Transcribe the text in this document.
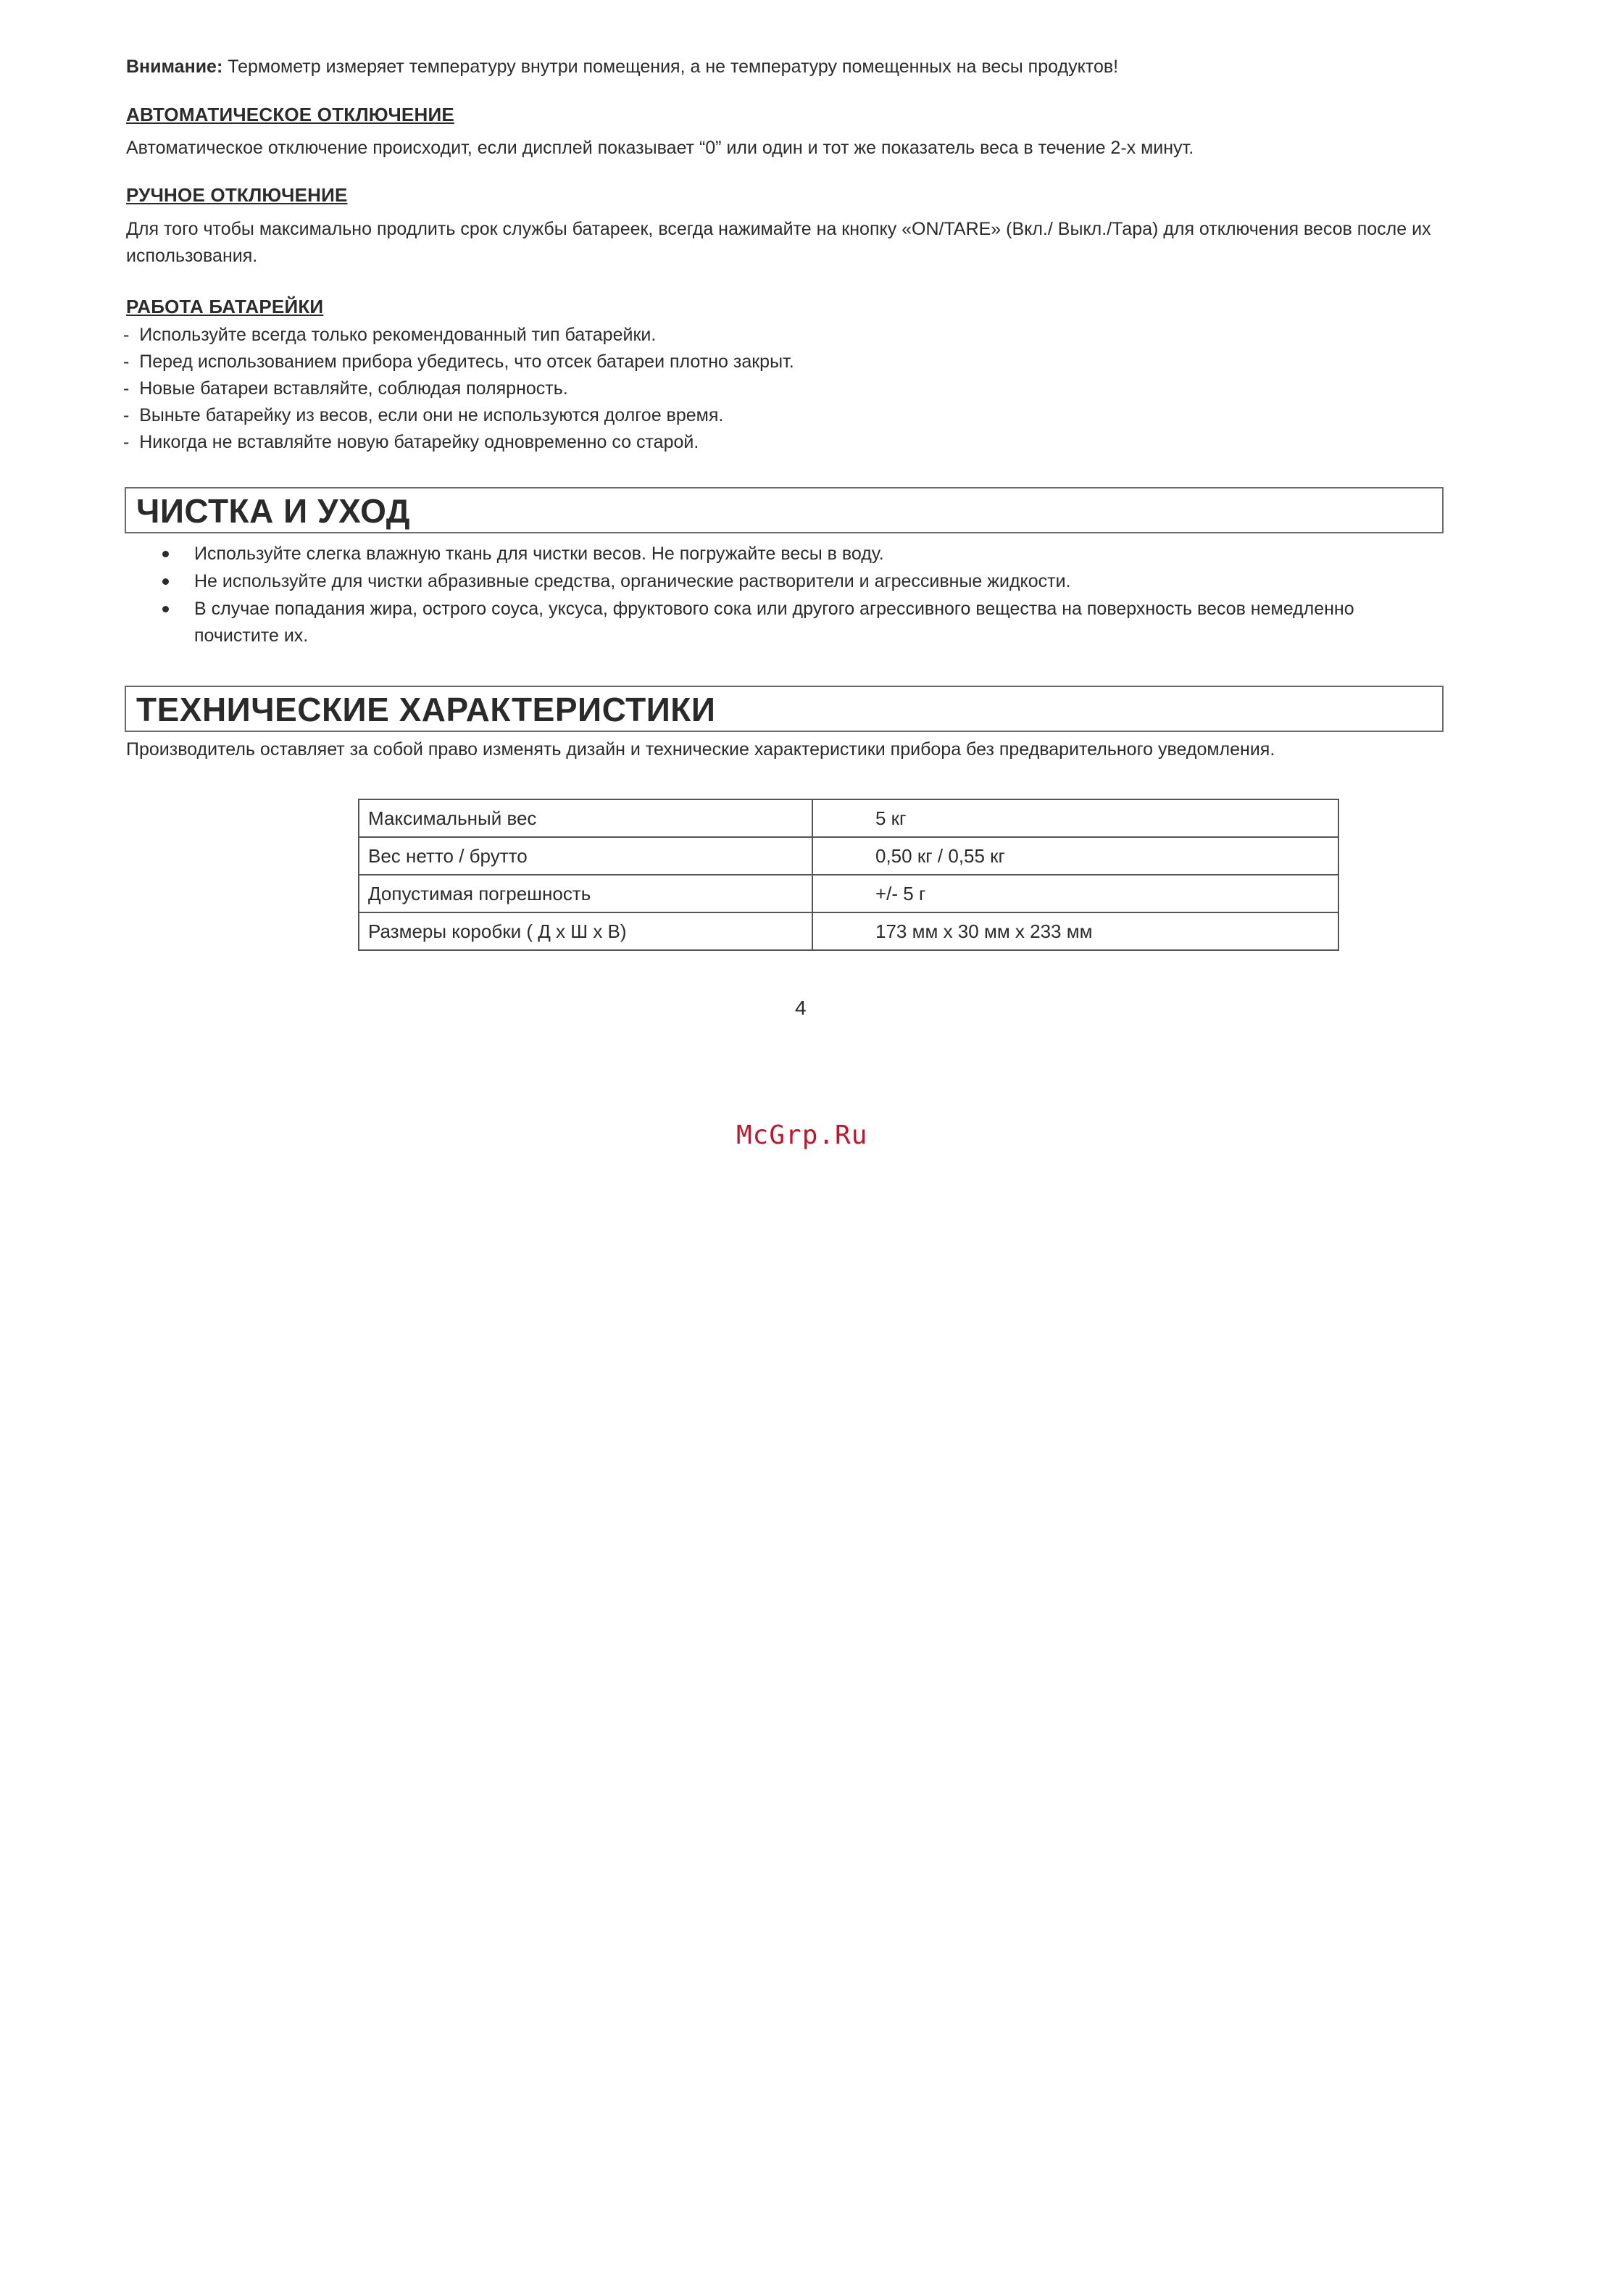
Внимание: Термометр измеряет температуру внутри помещения, а не температуру помещенных на весы продуктов!
АВТОМАТИЧЕСКОЕ ОТКЛЮЧЕНИЕ
Автоматическое отключение происходит, если дисплей показывает “0” или один и тот же показатель веса в течение 2-х минут.
РУЧНОЕ ОТКЛЮЧЕНИЕ
Для того чтобы максимально продлить срок службы батареек, всегда нажимайте на кнопку «ON/TARE» (Вкл./ Выкл./Тара) для отключения весов после их использования.
РАБОТА БАТАРЕЙКИ
- Используйте всегда только рекомендованный тип батарейки.
- Перед использованием прибора убедитесь, что отсек батареи плотно закрыт.
- Новые батареи вставляйте, соблюдая полярность.
- Выньте батарейку из весов, если они не используются долгое время.
- Никогда не вставляйте новую батарейку одновременно со старой.
ЧИСТКА И УХОД
Используйте слегка влажную ткань для чистки весов. Не погружайте весы в воду.
Не используйте для чистки абразивные средства, органические растворители и агрессивные жидкости.
В случае попадания жира, острого соуса, уксуса, фруктового сока или другого агрессивного вещества на поверхность весов немедленно почистите их.
ТЕХНИЧЕСКИЕ ХАРАКТЕРИСТИКИ
Производитель оставляет за собой право изменять дизайн и технические характеристики прибора без предварительного уведомления.
Максимальный вес	5 кг
Вес нетто / брутто	0,50 кг / 0,55 кг
Допустимая погрешность	+/- 5 г
Размеры коробки ( Д х Ш х В)	173 мм х 30 мм х 233 мм
4
McGrp.Ru
